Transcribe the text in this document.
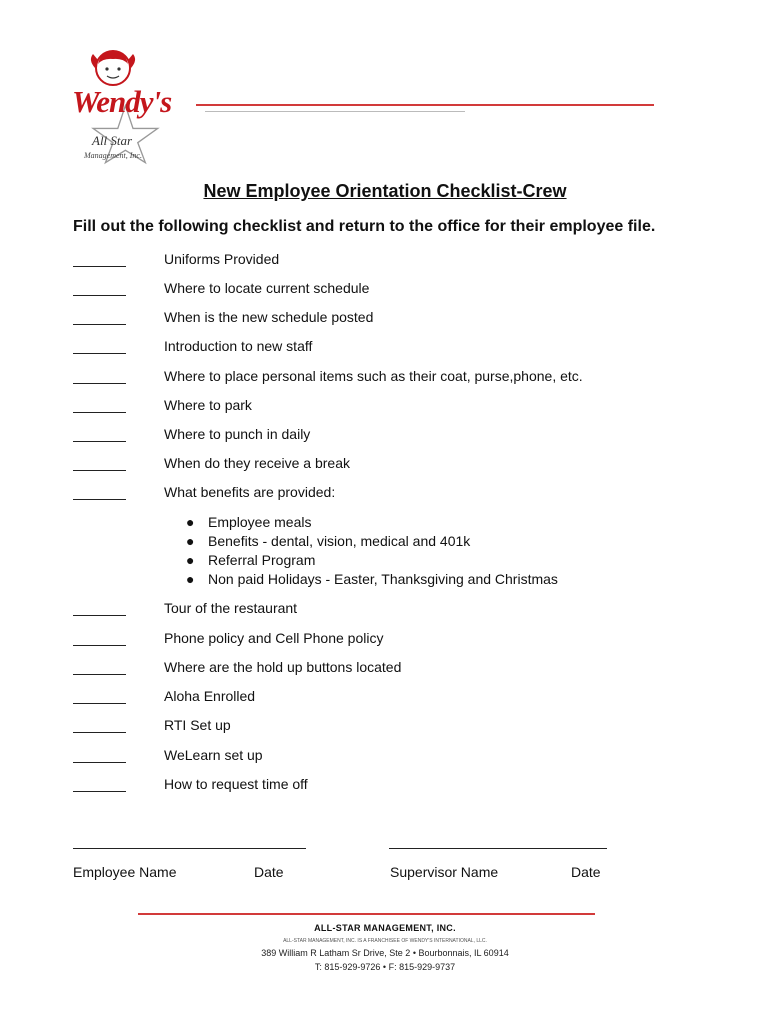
Wendy's
All Star
Management, Inc.
New Employee Orientation Checklist-Crew
Fill out the following checklist and return to the office for their employee file.
Uniforms Provided
Where to locate current schedule
When is the new schedule posted
Introduction to new staff
Where to place personal items such as their coat, purse,phone, etc.
Where to park
Where to punch in daily
When do they receive a break
What benefits are provided:
● Employee meals
● Benefits - dental, vision, medical and 401k
● Referral Program
● Non paid Holidays - Easter, Thanksgiving and Christmas
Tour of the restaurant
Phone policy and Cell Phone policy
Where are the hold up buttons located
Aloha Enrolled
RTI Set up
WeLearn set up
How to request time off
Employee Name	Date	Supervisor Name	Date
ALL-STAR MANAGEMENT, INC.
ALL-STAR MANAGEMENT, INC. IS A FRANCHISEE OF WENDY'S INTERNATIONAL, LLC.
389 William R Latham Sr Drive, Ste 2 • Bourbonnais, IL 60914
T: 815-929-9726 • F: 815-929-9737
